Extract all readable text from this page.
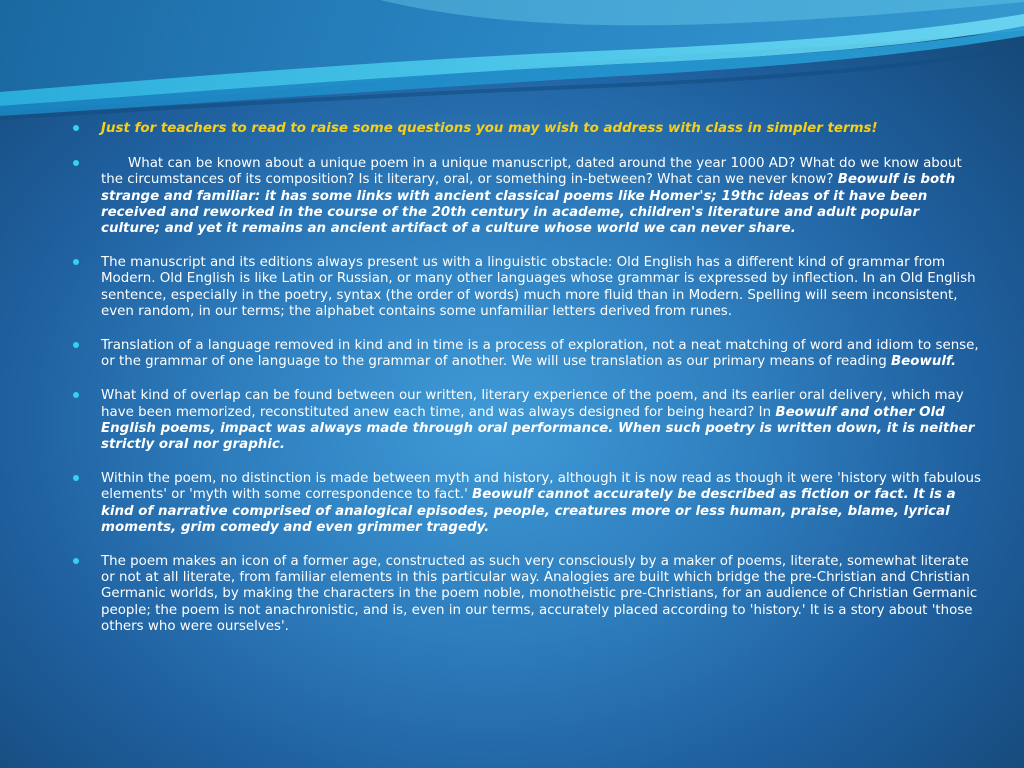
Just for teachers to read to raise some questions you may wish to address with class in simpler terms!
What can be known about a unique poem in a unique manuscript, dated around the year 1000 AD? What do we know about the circumstances of its composition? Is it literary, oral, or something in-between? What can we never know? Beowulf is both strange and familiar: it has some links with ancient classical poems like Homer's; 19thc ideas of it have been received and reworked in the course of the 20th century in academe, children's literature and adult popular culture; and yet it remains an ancient artifact of a culture whose world we can never share.
The manuscript and its editions always present us with a linguistic obstacle: Old English has a different kind of grammar from Modern. Old English is like Latin or Russian, or many other languages whose grammar is expressed by inflection. In an Old English sentence, especially in the poetry, syntax (the order of words) much more fluid than in Modern. Spelling will seem inconsistent, even random, in our terms; the alphabet contains some unfamiliar letters derived from runes.
Translation of a language removed in kind and in time is a process of exploration, not a neat matching of word and idiom to sense, or the grammar of one language to the grammar of another. We will use translation as our primary means of reading Beowulf.
What kind of overlap can be found between our written, literary experience of the poem, and its earlier oral delivery, which may have been memorized, reconstituted anew each time, and was always designed for being heard? In Beowulf and other Old English poems, impact was always made through oral performance. When such poetry is written down, it is neither strictly oral nor graphic.
Within the poem, no distinction is made between myth and history, although it is now read as though it were 'history with fabulous elements' or 'myth with some correspondence to fact.' Beowulf cannot accurately be described as fiction or fact. It is a kind of narrative comprised of analogical episodes, people, creatures more or less human, praise, blame, lyrical moments, grim comedy and even grimmer tragedy.
The poem makes an icon of a former age, constructed as such very consciously by a maker of poems, literate, somewhat literate or not at all literate, from familiar elements in this particular way. Analogies are built which bridge the pre-Christian and Christian Germanic worlds, by making the characters in the poem noble, monotheistic pre-Christians, for an audience of Christian Germanic people; the poem is not anachronistic, and is, even in our terms, accurately placed according to 'history.' It is a story about 'those others who were ourselves'.
